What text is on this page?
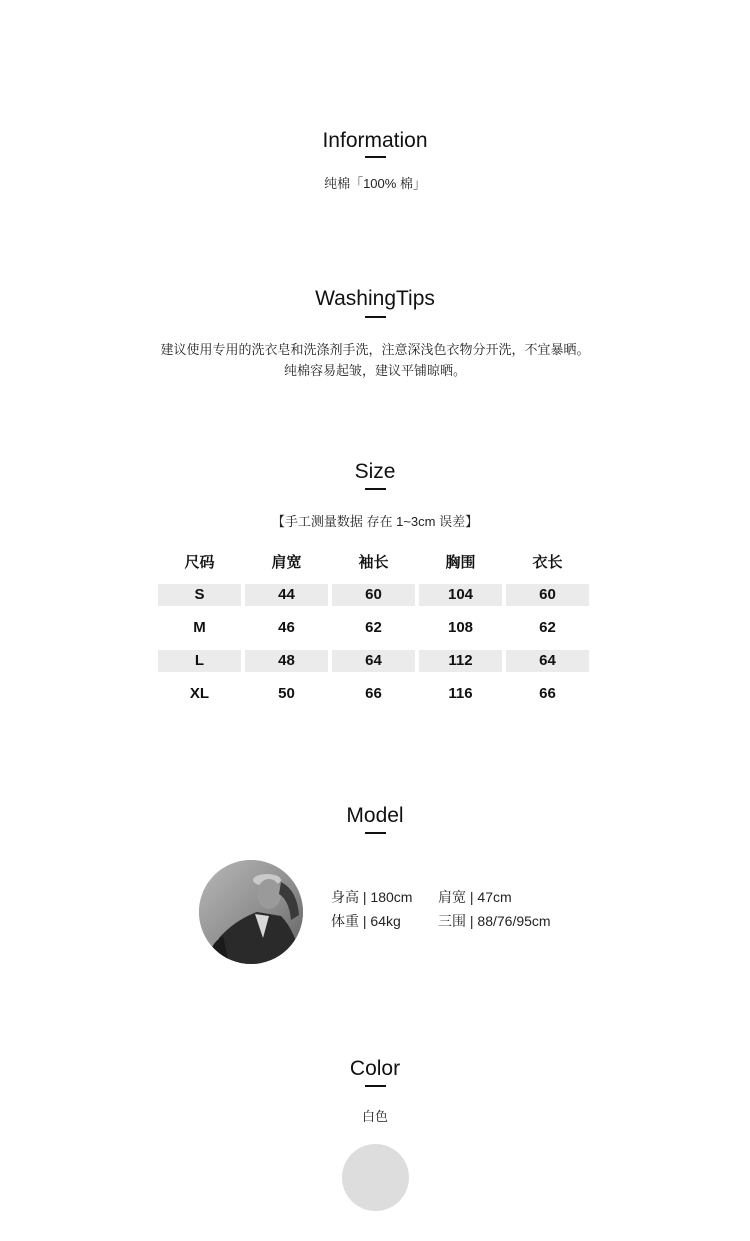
Information
纯棉「100% 棉」
WashingTips
建议使用专用的洗衣皂和洗涤剂手洗，注意深浅色衣物分开洗，不宜暴晒。
纯棉容易起皱，建议平铺晾晒。
Size
【手工测量数据 存在 1~3cm 误差】
尺码	肩宽	袖长	胸围	衣长
S	44	60	104	60
M	46	62	108	62
L	48	64	112	64
XL	50	66	116	66
Model
身高 | 180cm 肩宽 | 47cm
体重 | 64kg	三围 | 88/76/95cm
Color
白色
